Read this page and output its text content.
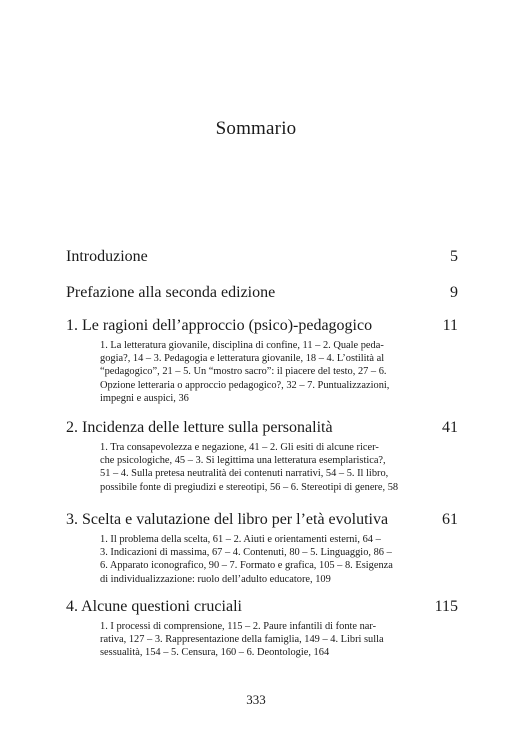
Sommario
Introduzione	5
Prefazione alla seconda edizione	9
1. Le ragioni dell’approccio (psico)-pedagogico	11
1. La letteratura giovanile, disciplina di confine, 11 – 2. Quale peda-
gogia?, 14 – 3. Pedagogia e letteratura giovanile, 18 – 4. L’ostilità al
“pedagogico”, 21 – 5. Un “mostro sacro”: il piacere del testo, 27 – 6.
Opzione letteraria o approccio pedagogico?, 32 – 7. Puntualizzazioni,
impegni e auspici, 36
2. Incidenza delle letture sulla personalità	41
1. Tra consapevolezza e negazione, 41 – 2. Gli esiti di alcune ricer-
che psicologiche, 45 – 3. Si legittima una letteratura esemplaristica?,
51 – 4. Sulla pretesa neutralità dei contenuti narrativi, 54 – 5. Il libro,
possibile fonte di pregiudizi e stereotipi, 56 – 6. Stereotipi di genere, 58
3. Scelta e valutazione del libro per l’età evolutiva	61
1. Il problema della scelta, 61 – 2. Aiuti e orientamenti esterni, 64 –
3. Indicazioni di massima, 67 – 4. Contenuti, 80 – 5. Linguaggio, 86 –
6. Apparato iconografico, 90 – 7. Formato e grafica, 105 – 8. Esigenza
di individualizzazione: ruolo dell’adulto educatore, 109
4. Alcune questioni cruciali	115
1. I processi di comprensione, 115 – 2. Paure infantili di fonte nar-
rativa, 127 – 3. Rappresentazione della famiglia, 149 – 4. Libri sulla
sessualità, 154 – 5. Censura, 160 – 6. Deontologie, 164
333
